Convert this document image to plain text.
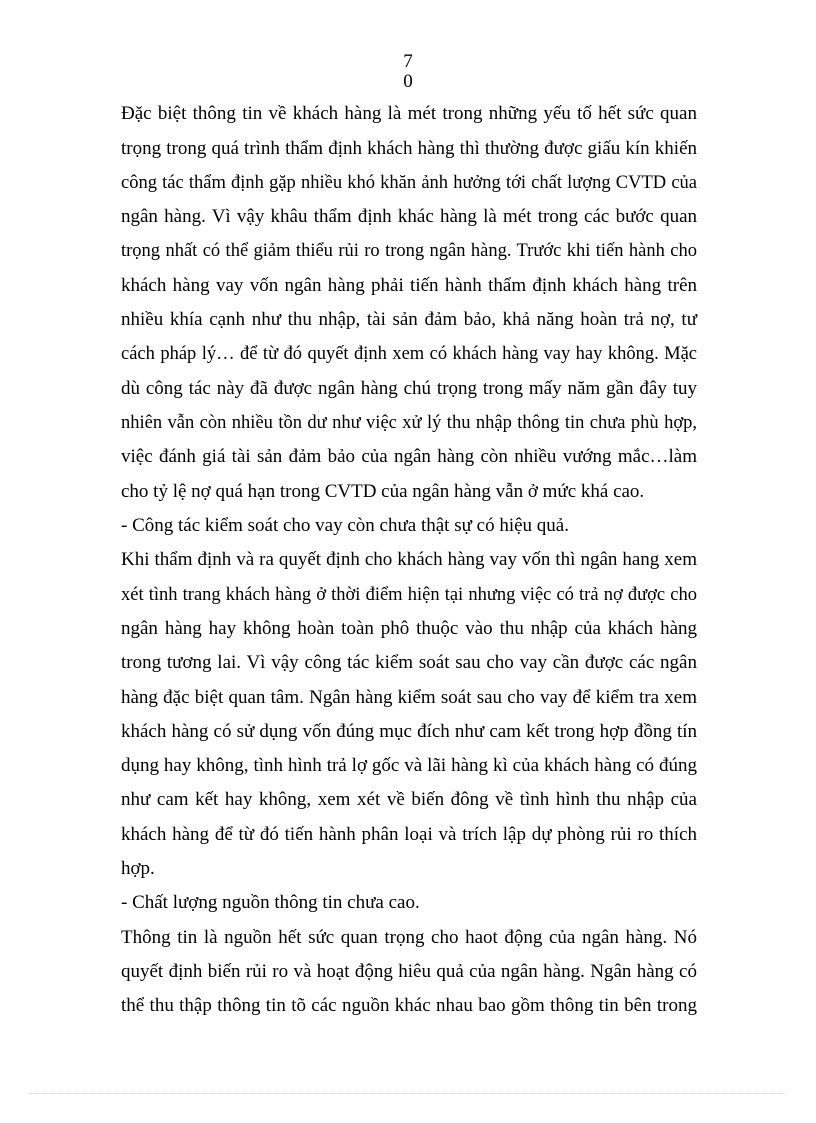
7
0
Đặc biệt thông tin về khách hàng là mét trong những yếu tố hết sức quan
trọng trong quá trình thẩm định khách hàng thì thường được giấu kín khiến
công tác thẩm định gặp nhiều khó khăn ảnh hưởng tới chất lượng CVTD của
ngân hàng. Vì vậy khâu thẩm định khác hàng là mét trong các bước quan
trọng nhất có thể giảm thiểu rủi ro trong ngân hàng. Trước khi tiến hành cho
khách hàng vay vốn ngân hàng phải tiến hành thẩm định khách hàng trên
nhiều khía cạnh như thu nhập, tài sản đảm bảo, khả năng hoàn trả nợ, tư
cách pháp lý… để từ đó quyết định xem có khách hàng vay hay không. Mặc
dù công tác này đã được ngân hàng chú trọng trong mấy năm gần đây tuy
nhiên vẫn còn nhiều tồn dư như việc xử lý thu nhập thông tin chưa phù hợp,
việc đánh giá tài sản đảm bảo của ngân hàng còn nhiều vướng mắc…làm
cho tỷ lệ nợ quá hạn trong CVTD của ngân hàng vẫn ở mức khá cao.
- Công tác kiểm soát cho vay còn chưa thật sự có hiệu quả.
Khi thẩm định và ra quyết định cho khách hàng vay vốn thì ngân hang xem
xét tình trang khách hàng ở thời điểm hiện tại nhưng việc có trả nợ được cho
ngân hàng hay không hoàn toàn phô thuộc vào thu nhập của khách hàng
trong tương lai. Vì vậy công tác kiểm soát sau cho vay cần được các ngân
hàng đặc biệt quan tâm. Ngân hàng kiểm soát sau cho vay để kiểm tra xem
khách hàng có sử dụng vốn đúng mục đích như cam kết trong hợp đồng tín
dụng hay không, tình hình trả lợ gốc và lãi hàng kì của khách hàng có đúng
như cam kết hay không, xem xét về biến đông về tình hình thu nhập của
khách hàng để từ đó tiến hành phân loại và trích lập dự phòng rủi ro thích
hợp.
- Chất lượng nguồn thông tin chưa cao.
Thông tin là nguồn hết sức quan trọng cho haot động của ngân hàng. Nó
quyết định biến rủi ro và hoạt động hiêu quả của ngân hàng. Ngân hàng có
thể thu thập thông tin tõ các nguồn khác nhau bao gồm thông tin bên trong
